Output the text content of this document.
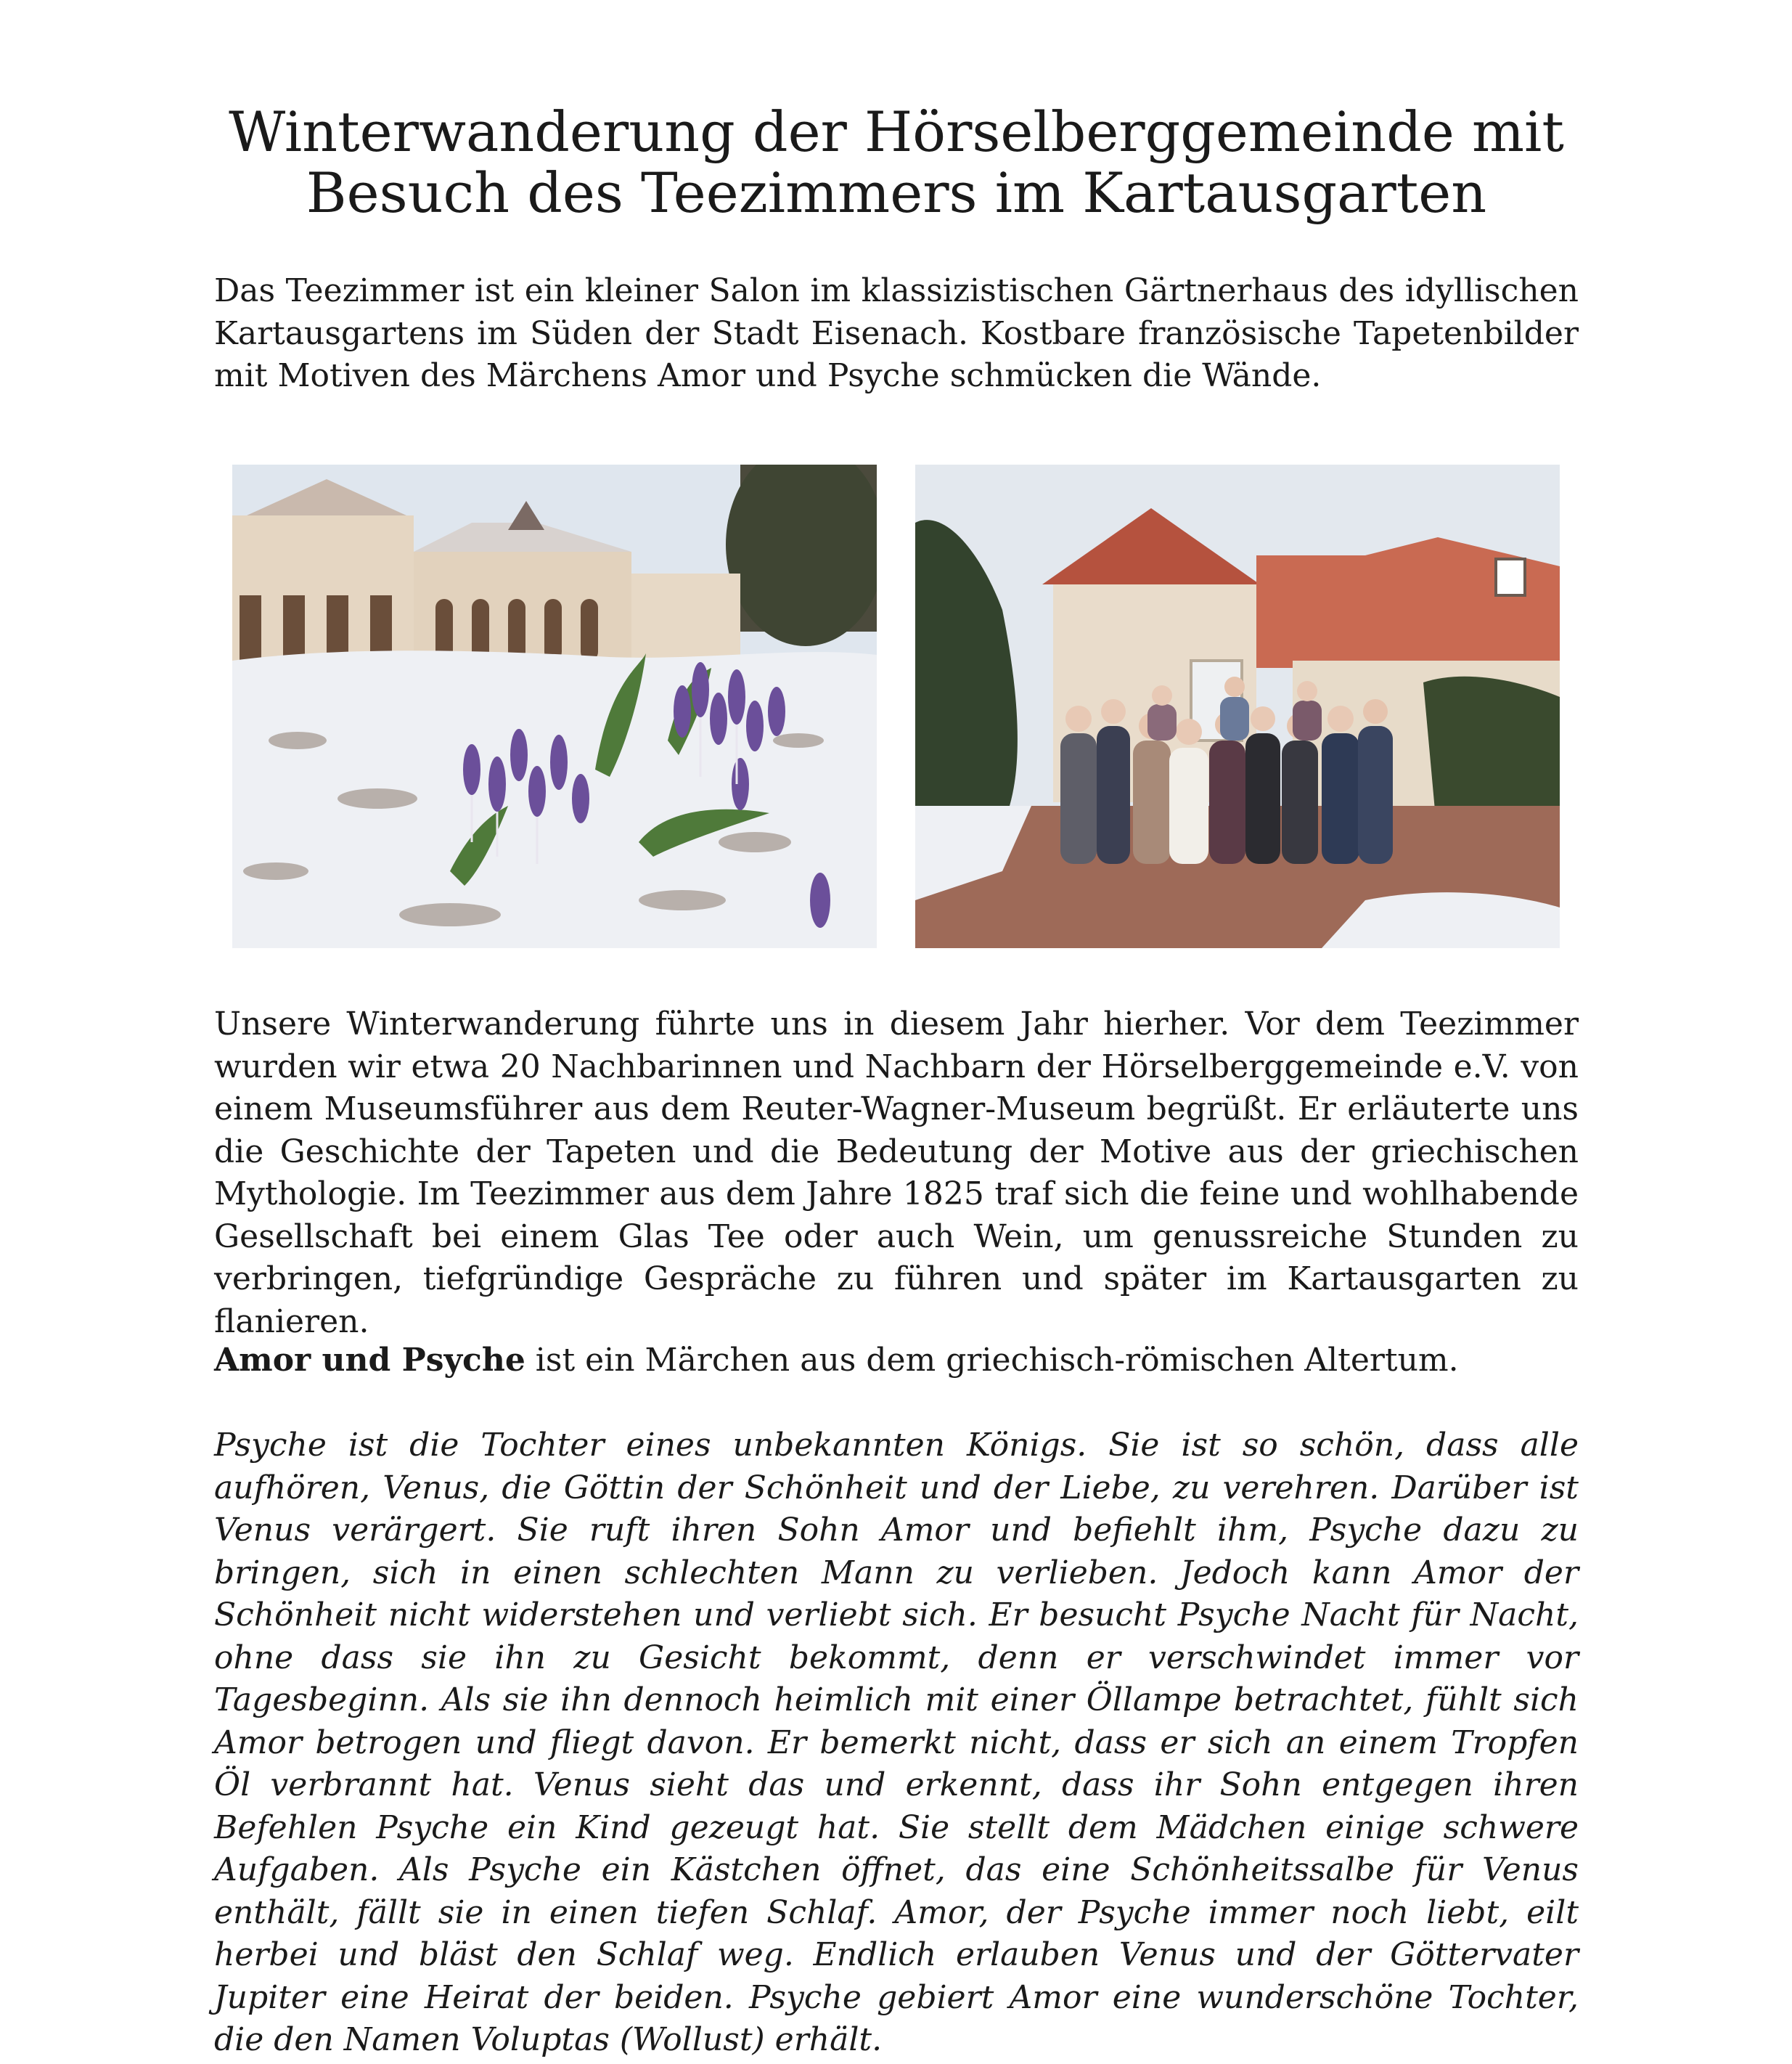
Winterwanderung der Hörselberggemeinde mit
Besuch des Teezimmers im Kartausgarten

Das Teezimmer ist ein kleiner Salon im klassizistischen Gärtnerhaus des idyllischen Kartausgartens im Süden der Stadt Eisenach. Kostbare französische Tapetenbilder mit Motiven des Märchens Amor und Psyche schmücken die Wände.

Unsere Winterwanderung führte uns in diesem Jahr hierher. Vor dem Teezimmer wurden wir etwa 20 Nachbarinnen und Nachbarn der Hörselberggemeinde e.V. von einem Museumsführer aus dem Reuter-Wagner-Museum begrüßt. Er erläuterte uns die Geschichte der Tapeten und die Bedeutung der Motive aus der griechischen Mythologie. Im Teezimmer aus dem Jahre 1825 traf sich die feine und wohlhabende Gesellschaft bei einem Glas Tee oder auch Wein, um genussreiche Stunden zu verbringen, tiefgründige Gespräche zu führen und später im Kartausgarten zu flanieren.

Amor und Psyche ist ein Märchen aus dem griechisch-römischen Altertum.

Psyche ist die Tochter eines unbekannten Königs. Sie ist so schön, dass alle aufhören, Venus, die Göttin der Schönheit und der Liebe, zu verehren. Darüber ist Venus verärgert. Sie ruft ihren Sohn Amor und befiehlt ihm, Psyche dazu zu bringen, sich in einen schlechten Mann zu verlieben. Jedoch kann Amor der Schönheit nicht widerstehen und verliebt sich. Er besucht Psyche Nacht für Nacht, ohne dass sie ihn zu Gesicht bekommt, denn er verschwindet immer vor Tagesbeginn. Als sie ihn dennoch heimlich mit einer Öllampe betrachtet, fühlt sich Amor betrogen und fliegt davon. Er bemerkt nicht, dass er sich an einem Tropfen Öl verbrannt hat. Venus sieht das und erkennt, dass ihr Sohn entgegen ihren Befehlen Psyche ein Kind gezeugt hat. Sie stellt dem Mädchen einige schwere Aufgaben. Als Psyche ein Kästchen öffnet, das eine Schönheitssalbe für Venus enthält, fällt sie in einen tiefen Schlaf. Amor, der Psyche immer noch liebt, eilt herbei und bläst den Schlaf weg. Endlich erlauben Venus und der Göttervater Jupiter eine Heirat der beiden. Psyche gebiert Amor eine wunderschöne Tochter, die den Namen Voluptas (Wollust) erhält.
